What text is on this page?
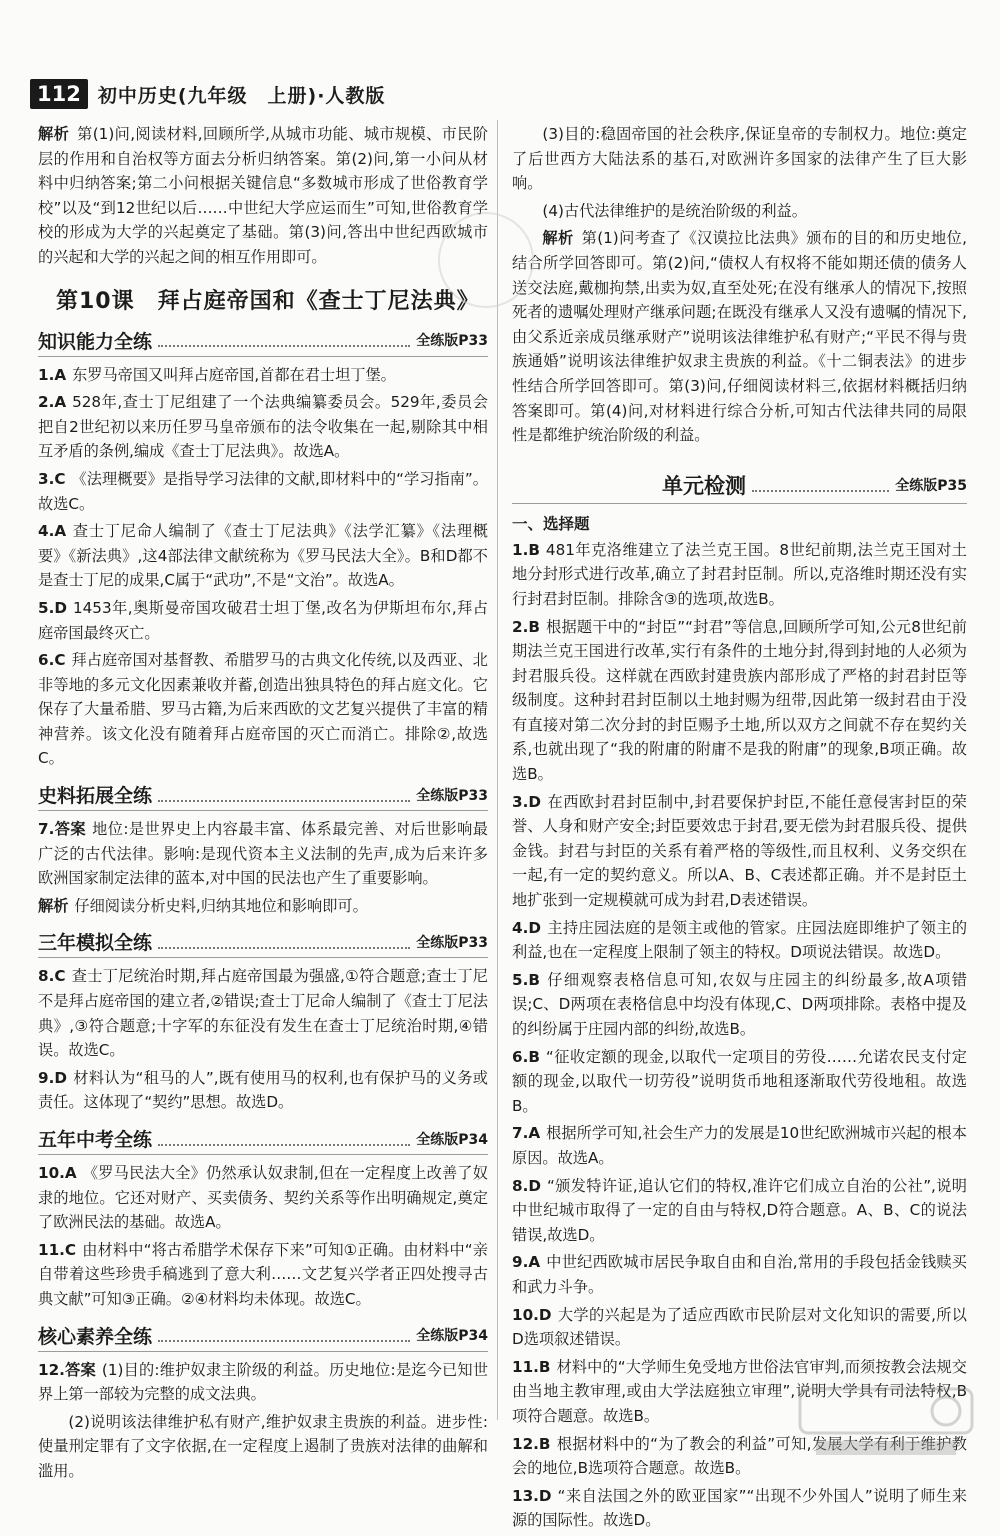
112 初中历史(九年级　上册)·人教版

解析 第(1)问,阅读材料,回顾所学,从城市功能、城市规模、市民阶层的作用和自治权等方面去分析归纳答案。第(2)问,第一小问从材料中归纳答案;第二小问根据关键信息“多数城市形成了世俗教育学校”以及“到12世纪以后……中世纪大学应运而生”可知,世俗教育学校的形成为大学的兴起奠定了基础。第(3)问,答出中世纪西欧城市的兴起和大学的兴起之间的相互作用即可。

第10课　拜占庭帝国和《查士丁尼法典》
知识能力全练	全练版P33

1.A 东罗马帝国又叫拜占庭帝国,首都在君士坦丁堡。

2.A 528年,查士丁尼组建了一个法典编纂委员会。529年,委员会把自2世纪初以来历任罗马皇帝颁布的法令收集在一起,剔除其中相互矛盾的条例,编成《查士丁尼法典》。故选A。

3.C 《法理概要》是指导学习法律的文献,即材料中的“学习指南”。故选C。

4.A 查士丁尼命人编制了《查士丁尼法典》《法学汇纂》《法理概要》《新法典》,这4部法律文献统称为《罗马民法大全》。B和D都不是查士丁尼的成果,C属于“武功”,不是“文治”。故选A。

5.D 1453年,奥斯曼帝国攻破君士坦丁堡,改名为伊斯坦布尔,拜占庭帝国最终灭亡。

6.C 拜占庭帝国对基督教、希腊罗马的古典文化传统,以及西亚、北非等地的多元文化因素兼收并蓄,创造出独具特色的拜占庭文化。它保存了大量希腊、罗马古籍,为后来西欧的文艺复兴提供了丰富的精神营养。该文化没有随着拜占庭帝国的灭亡而消亡。排除②,故选C。

史料拓展全练	全练版P33

7.答案 地位:是世界史上内容最丰富、体系最完善、对后世影响最广泛的古代法律。影响:是现代资本主义法制的先声,成为后来许多欧洲国家制定法律的蓝本,对中国的民法也产生了重要影响。

解析 仔细阅读分析史料,归纳其地位和影响即可。

三年模拟全练	全练版P33

8.C 查士丁尼统治时期,拜占庭帝国最为强盛,①符合题意;查士丁尼不是拜占庭帝国的建立者,②错误;查士丁尼命人编制了《查士丁尼法典》,③符合题意;十字军的东征没有发生在查士丁尼统治时期,④错误。故选C。

9.D 材料认为“租马的人”,既有使用马的权利,也有保护马的义务或责任。这体现了“契约”思想。故选D。

五年中考全练	全练版P34

10.A 《罗马民法大全》仍然承认奴隶制,但在一定程度上改善了奴隶的地位。它还对财产、买卖债务、契约关系等作出明确规定,奠定了欧洲民法的基础。故选A。

11.C 由材料中“将古希腊学术保存下来”可知①正确。由材料中“亲自带着这些珍贵手稿逃到了意大利……文艺复兴学者正四处搜寻古典文献”可知③正确。②④材料均未体现。故选C。

核心素养全练	全练版P34

12.答案 (1)目的:维护奴隶主阶级的利益。历史地位:是迄今已知世界上第一部较为完整的成文法典。

(2)说明该法律维护私有财产,维护奴隶主贵族的利益。进步性:使量刑定罪有了文字依据,在一定程度上遏制了贵族对法律的曲解和滥用。

(3)目的:稳固帝国的社会秩序,保证皇帝的专制权力。地位:奠定了后世西方大陆法系的基石,对欧洲许多国家的法律产生了巨大影响。

(4)古代法律维护的是统治阶级的利益。

解析 第(1)问考查了《汉谟拉比法典》颁布的目的和历史地位,结合所学回答即可。第(2)问,“债权人有权将不能如期还债的债务人送交法庭,戴枷拘禁,出卖为奴,直至处死;在没有继承人的情况下,按照死者的遗嘱处理财产继承问题;在既没有继承人又没有遗嘱的情况下,由父系近亲成员继承财产”说明该法律维护私有财产;“平民不得与贵族通婚”说明该法律维护奴隶主贵族的利益。《十二铜表法》的进步性结合所学回答即可。第(3)问,仔细阅读材料三,依据材料概括归纳答案即可。第(4)问,对材料进行综合分析,可知古代法律共同的局限性是都维护统治阶级的利益。

单元检测	全练版P35
一、选择题

1.B 481年克洛维建立了法兰克王国。8世纪前期,法兰克王国对土地分封形式进行改革,确立了封君封臣制。所以,克洛维时期还没有实行封君封臣制。排除含③的选项,故选B。

2.B 根据题干中的“封臣”“封君”等信息,回顾所学可知,公元8世纪前期法兰克王国进行改革,实行有条件的土地分封,得到封地的人必须为封君服兵役。这样就在西欧封建贵族内部形成了严格的封君封臣等级制度。这种封君封臣制以土地封赐为纽带,因此第一级封君由于没有直接对第二次分封的封臣赐予土地,所以双方之间就不存在契约关系,也就出现了“我的附庸的附庸不是我的附庸”的现象,B项正确。故选B。

3.D 在西欧封君封臣制中,封君要保护封臣,不能任意侵害封臣的荣誉、人身和财产安全;封臣要效忠于封君,要无偿为封君服兵役、提供金钱。封君与封臣的关系有着严格的等级性,而且权利、义务交织在一起,有一定的契约意义。所以A、B、C表述都正确。并不是封臣土地扩张到一定规模就可成为封君,D表述错误。

4.D 主持庄园法庭的是领主或他的管家。庄园法庭即维护了领主的利益,也在一定程度上限制了领主的特权。D项说法错误。故选D。

5.B 仔细观察表格信息可知,农奴与庄园主的纠纷最多,故A项错误;C、D两项在表格信息中均没有体现,C、D两项排除。表格中提及的纠纷属于庄园内部的纠纷,故选B。

6.B “征收定额的现金,以取代一定项目的劳役……允诺农民支付定额的现金,以取代一切劳役”说明货币地租逐渐取代劳役地租。故选B。

7.A 根据所学可知,社会生产力的发展是10世纪欧洲城市兴起的根本原因。故选A。

8.D “颁发特许证,追认它们的特权,准许它们成立自治的公社”,说明中世纪城市取得了一定的自由与特权,D符合题意。A、B、C的说法错误,故选D。

9.A 中世纪西欧城市居民争取自由和自治,常用的手段包括金钱赎买和武力斗争。

10.D 大学的兴起是为了适应西欧市民阶层对文化知识的需要,所以D选项叙述错误。

11.B 材料中的“大学师生免受地方世俗法官审判,而须按教会法规交由当地主教审理,或由大学法庭独立审理”,说明大学具有司法特权,B项符合题意。故选B。

12.B 根据材料中的“为了教会的利益”可知,发展大学有利于维护教会的地位,B选项符合题意。故选B。

13.D “来自法国之外的欧亚国家”“出现不少外国人”说明了师生来源的国际性。故选D。
